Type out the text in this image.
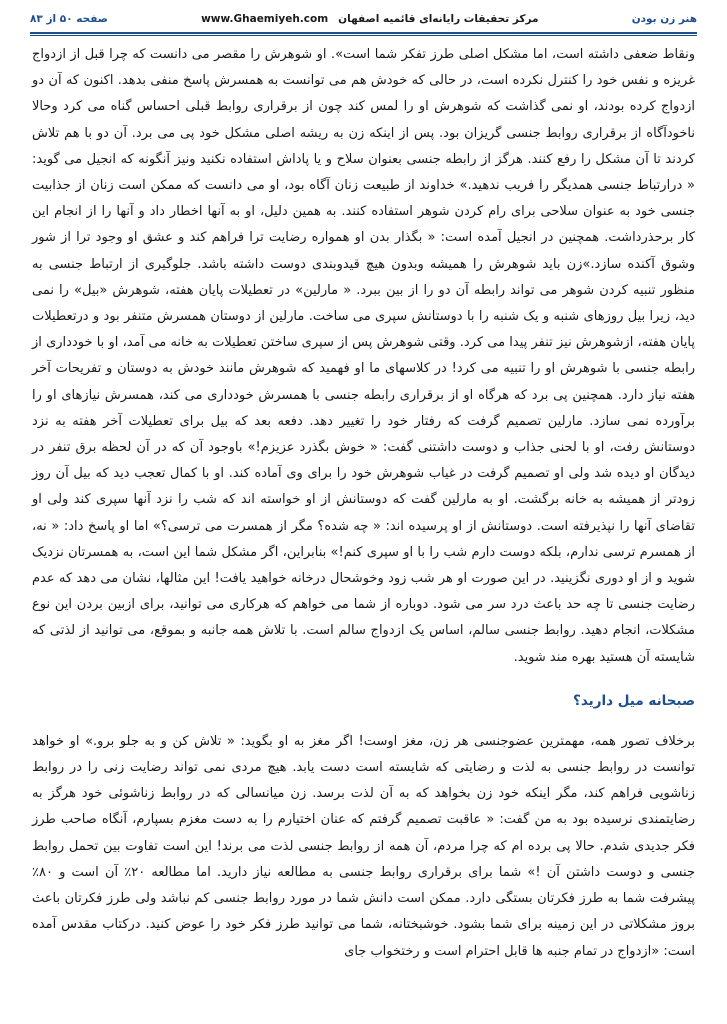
صفحه ۵۰ از ۸۳	www.Ghaemiyeh.com مرکز تحقیقات رایانه‌ای قائمیه اصفهان	هنر زن بودن

ونقاط ضعفی داشته است، اما مشکل اصلی طرز تفکر شما است». او شوهرش را مقصر می دانست که چرا قبل از ازدواج غریزه و نفس خود را کنترل نکرده است، در حالی که خودش هم می توانست به همسرش پاسخ منفی بدهد. اکنون که آن دو ازدواج کرده بودند، او نمی گذاشت که شوهرش او را لمس کند چون از برقراری روابط قبلی احساس گناه می کرد وحالا ناخودآگاه از برقراری روابط جنسی گریزان بود. پس از اینکه زن به ریشه اصلی مشکل خود پی می برد. آن دو با هم تلاش کردند تا آن مشکل را رفع کنند. هرگز از رابطه جنسی بعنوان سلاح و یا پاداش استفاده نکنید ونیز آنگونه که انجیل می گوید: « درارتباط جنسی همدیگر را فریب ندهید.» خداوند از طبیعت زنان آگاه بود، او می دانست که ممکن است زنان از جذابیت جنسی خود به عنوان سلاحی برای رام کردن شوهر استفاده کنند. به همین دلیل، او به آنها اخطار داد و آنها را از انجام این کار برحذرداشت. همچنین در انجیل آمده است: « بگذار بدن او همواره رضایت ترا فراهم کند و عشق او وجود ترا از شور وشوق آکنده سازد.»زن باید شوهرش را همیشه وبدون هیچ قیدوبندی دوست داشته باشد. جلوگیری از ارتباط جنسی به منظور تنبیه کردن شوهر می تواند رابطه آن دو را از بین ببرد. « مارلین» در تعطیلات پایان هفته، شوهرش «بیل» را نمی دید، زیرا بیل روزهای شنبه و یک شنبه را با دوستانش سپری می ساخت. مارلین از دوستان همسرش متنفر بود و درتعطیلات پایان هفته، ازشوهرش نیز تنفر پیدا می کرد. وقتی شوهرش پس از سپری ساختن تعطیلات به خانه می آمد، او با خودداری از رابطه جنسی با شوهرش او را تنبیه می کرد! در کلاسهای ما او فهمید که شوهرش مانند خودش به دوستان و تفریحات آخر هفته نیاز دارد. همچنین پی برد که هرگاه او از برقراری رابطه جنسی با همسرش خودداری می کند، همسرش نیازهای او را برآورده نمی سازد. مارلین تصمیم گرفت که رفتار خود را تغییر دهد. دفعه بعد که بیل برای تعطیلات آخر هفته به نزد دوستانش رفت، او با لحنی جذاب و دوست داشتنی گفت: « خوش بگذرد عزیزم!» باوجود آن که در آن لحظه برق تنفر در دیدگان او دیده شد ولی او تصمیم گرفت در غیاب شوهرش خود را برای وی آماده کند. او با کمال تعجب دید که بیل آن روز زودتر از همیشه به خانه برگشت. او به مارلین گفت که دوستانش از او خواسته اند که شب را نزد آنها سپری کند ولی او تقاضای آنها را نپذیرفته است. دوستانش از او پرسیده اند: « چه شده؟ مگر از همسرت می ترسی؟» اما او پاسخ داد: « نه، از همسرم ترسی ندارم، بلکه دوست دارم شب را با او سپری کنم!» بنابراین، اگر مشکل شما این است، به همسرتان نزدیک شوید و از او دوری نگزینید. در این صورت او هر شب زود وخوشحال درخانه خواهید یافت! این مثالها، نشان می دهد که عدم رضایت جنسی تا چه حد باعث درد سر می شود. دوباره از شما می خواهم که هرکاری می توانید، برای ازبین بردن این نوع مشکلات، انجام دهید. روابط جنسی سالم، اساس یک ازدواج سالم است. با تلاش همه جانبه و بموقع، می توانید از لذتی که شایسته آن هستید بهره مند شوید.

صبحانه میل دارید؟

برخلاف تصور همه، مهمترین عضوجنسی هر زن، مغز اوست! اگر مغز به او بگوید: « تلاش کن و به جلو برو.» او خواهد توانست در روابط جنسی به لذت و رضایتی که شایسته است دست یابد. هیچ مردی نمی تواند رضایت زنی را در روابط زناشویی فراهم کند، مگر اینکه خود زن بخواهد که به آن لذت برسد. زن میانسالی که در روابط زناشوئی خود هرگز به رضایتمندی نرسیده بود به من گفت: « عاقبت تصمیم گرفتم که عنان اختیارم را به دست مغزم بسپارم، آنگاه صاحب طرز فکر جدیدی شدم. حالا پی برده ام که چرا مردم، آن همه از روابط جنسی لذت می برند! این است تفاوت بین تحمل روابط جنسی و دوست داشتن آن !» شما برای برقراری روابط جنسی به مطالعه نیاز دارید. اما مطالعه ۲۰٪ آن است و ۸۰٪ پیشرفت شما به طرز فکرتان بستگی دارد. ممکن است دانش شما در مورد روابط جنسی کم نباشد ولی طرز فکرتان باعث بروز مشکلاتی در این زمینه برای شما بشود. خوشبختانه، شما می توانید طرز فکر خود را عوض کنید. درکتاب مقدس آمده است: «ازدواج در تمام جنبه ها قابل احترام است و رختخواب جای
